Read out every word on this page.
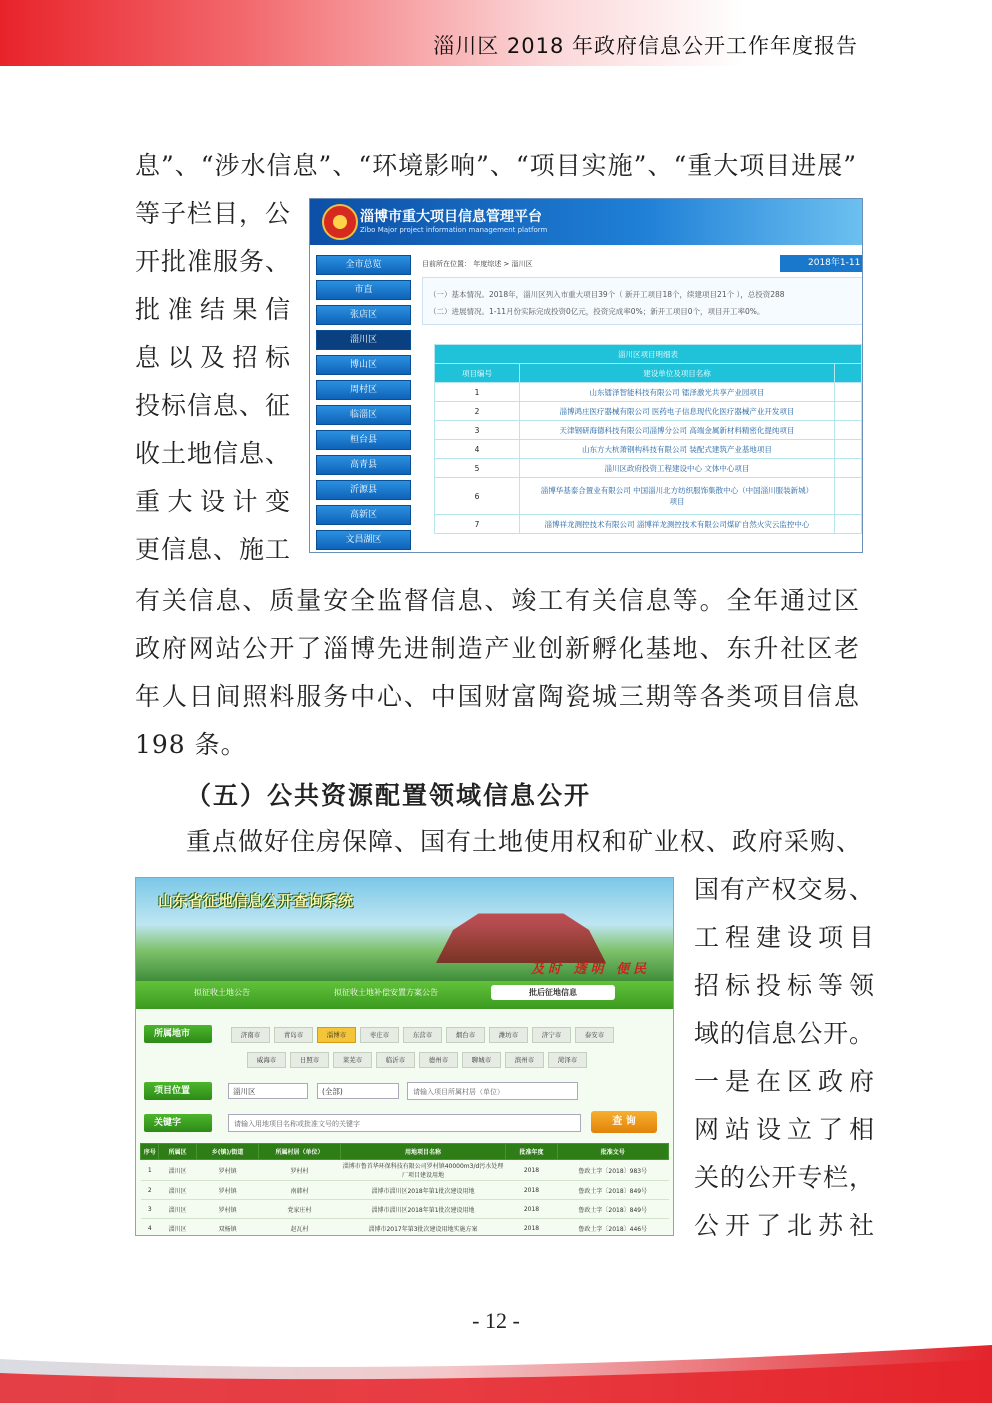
淄川区 2018 年政府信息公开工作年度报告
息”、“涉水信息”、“环境影响”、“项目实施”、“重大项目进展”
等子栏目，公
开批准服务、
批准结果信
息以及招标
投标信息、征
收土地信息、
重大设计变
更信息、施工
有关信息、质量安全监督信息、竣工有关信息等。全年通过区
政府网站公开了淄博先进制造产业创新孵化基地、东升社区老
年人日间照料服务中心、中国财富陶瓷城三期等各类项目信息
198 条。
淄博市重大项目信息管理平台
Zibo Major project information management platform
全市总览
市直
张店区
淄川区
博山区
周村区
临淄区
桓台县
高青县
沂源县
高新区
文昌湖区
目前所在位置： 年度综述 > 淄川区	2018年1-11
（一）基本情况。2018年，淄川区列入市重大项目39个（ 新开工项目18个，续建项目21个 ），总投资288
（二）进展情况。1-11月份实际完成投资0亿元，投资完成率0%；新开工项目0个，项目开工率0%。
淄川区项目明细表		
项目编号	建设单位及项目名称	
1	山东镭泽智能科技有限公司 镭泽激光共享产业园项目	
2	淄博鸿庄医疗器械有限公司 医药电子信息现代化医疗器械产业开发项目	
3	天津钢研海德科技有限公司淄博分公司 高端金属新材料精密化提纯项目	
4	山东方大杭萧钢构科技有限公司 装配式建筑产业基地项目	
5	淄川区政府投资工程建设中心 文体中心项目	
6	淄博华基泰合置业有限公司 中国淄川北方纺织服饰集散中心（中国淄川服装新城）
项目	
7	淄博祥龙测控技术有限公司 淄博祥龙测控技术有限公司煤矿自然火灾云监控中心	
（五）公共资源配置领域信息公开
重点做好住房保障、国有土地使用权和矿业权、政府采购、
国有产权交易、
工程建设项目
招标投标等领
域的信息公开。
一是在区政府
网站设立了相
关的公开专栏，
公开了北苏社
山东省征地信息公开查询系统
及时 透明 便民
拟征收土地公告	拟征收土地补偿安置方案公告	批后征地信息
所属地市	济南市	青岛市	淄博市	枣庄市	东营市	烟台市	潍坊市	济宁市	泰安市
威海市	日照市	莱芜市	临沂市	德州市	聊城市	滨州市	菏泽市
项目位置	淄川区	(全部)	请输入项目所属村居（单位）
关键字	请输入用地项目名称或批准文号的关键字	查 询
序号	所属区	乡(镇)/街道	所属村居（单位）	用地项目名称	批准年度	批准文号
1	淄川区	罗村镇	罗村村	淄博市鲁首华环保科技有限公司罗村镇40000m3/d污水处理厂项目建设用地	2018	鲁政土字〔2018〕983号
2	淄川区	罗村镇	南韩村	淄博市淄川区2018年第1批次建设用地	2018	鲁政土字〔2018〕849号
3	淄川区	罗村镇	党家庄村	淄博市淄川区2018年第1批次建设用地	2018	鲁政土字〔2018〕849号
4	淄川区	双杨镇	赵瓦村	淄博市2017年第3批次建设用地实施方案	2018	鲁政土字〔2018〕446号
- 12 -
